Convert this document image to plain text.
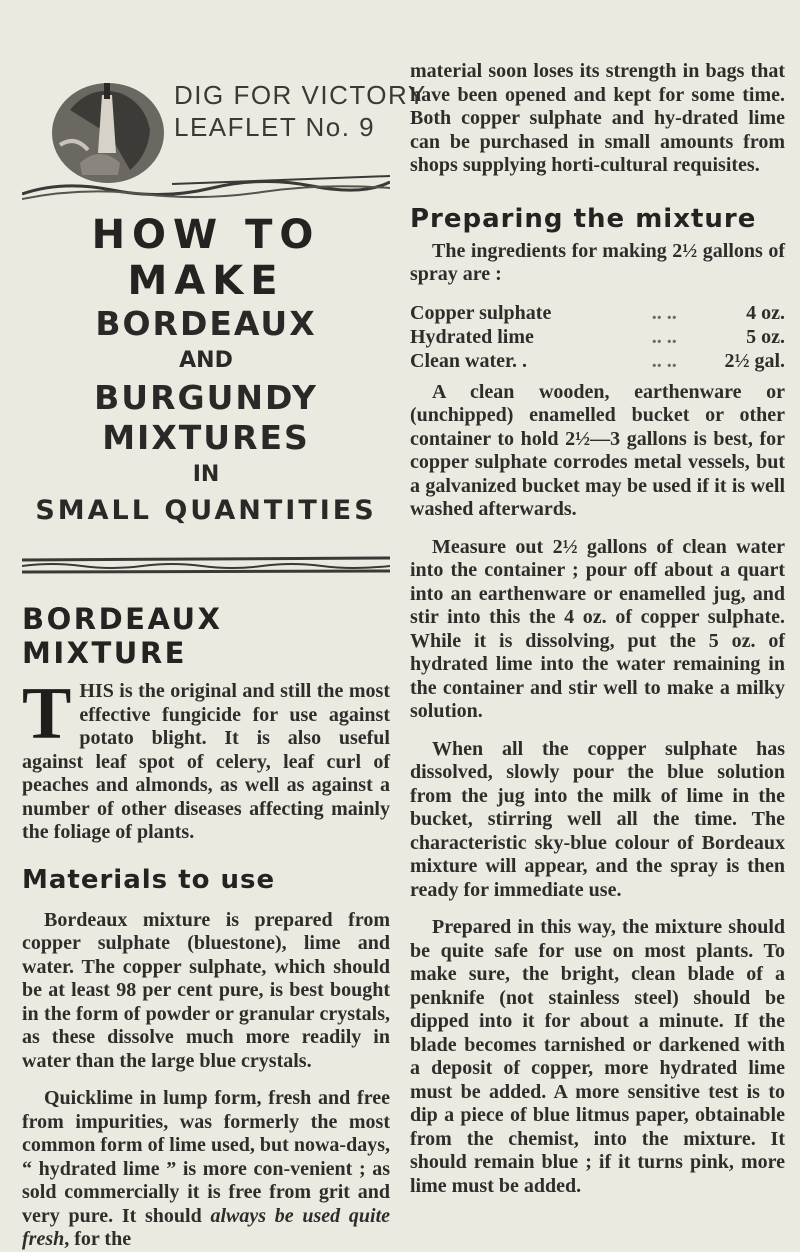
DIG FOR VICTORY
LEAFLET No. 9
HOW TO MAKE
BORDEAUX
AND
BURGUNDY
MIXTURES
IN
SMALL QUANTITIES
BORDEAUX MIXTURE

THIS is the original and still the most effective fungicide for use against potato blight. It is also useful against leaf spot of celery, leaf curl of peaches and almonds, as well as against a number of other diseases affecting mainly the foliage of plants.

Materials to use

Bordeaux mixture is prepared from copper sulphate (bluestone), lime and water. The copper sulphate, which should be at least 98 per cent pure, is best bought in the form of powder or granular crystals, as these dissolve much more readily in water than the large blue crystals.

Quicklime in lump form, fresh and free from impurities, was formerly the most common form of lime used, but nowa-days, “ hydrated lime ” is more con-venient ; as sold commercially it is free from grit and very pure. It should always be used quite fresh, for the

material soon loses its strength in bags that have been opened and kept for some time. Both copper sulphate and hy-drated lime can be purchased in small amounts from shops supplying horti-cultural requisites.

Preparing the mixture

The ingredients for making 2½ gallons of spray are :

Copper sulphate	.. ..	4 oz.
Hydrated lime	.. ..	5 oz.
Clean water. .	.. ..	2½ gal.

A clean wooden, earthenware or (unchipped) enamelled bucket or other container to hold 2½—3 gallons is best, for copper sulphate corrodes metal vessels, but a galvanized bucket may be used if it is well washed afterwards.

Measure out 2½ gallons of clean water into the container ; pour off about a quart into an earthenware or enamelled jug, and stir into this the 4 oz. of copper sulphate. While it is dissolving, put the 5 oz. of hydrated lime into the water remaining in the container and stir well to make a milky solution.

When all the copper sulphate has dissolved, slowly pour the blue solution from the jug into the milk of lime in the bucket, stirring well all the time. The characteristic sky-blue colour of Bordeaux mixture will appear, and the spray is then ready for immediate use.

Prepared in this way, the mixture should be quite safe for use on most plants. To make sure, the bright, clean blade of a penknife (not stainless steel) should be dipped into it for about a minute. If the blade becomes tarnished or darkened with a deposit of copper, more hydrated lime must be added. A more sensitive test is to dip a piece of blue litmus paper, obtainable from the chemist, into the mixture. It should remain blue ; if it turns pink, more lime must be added.
